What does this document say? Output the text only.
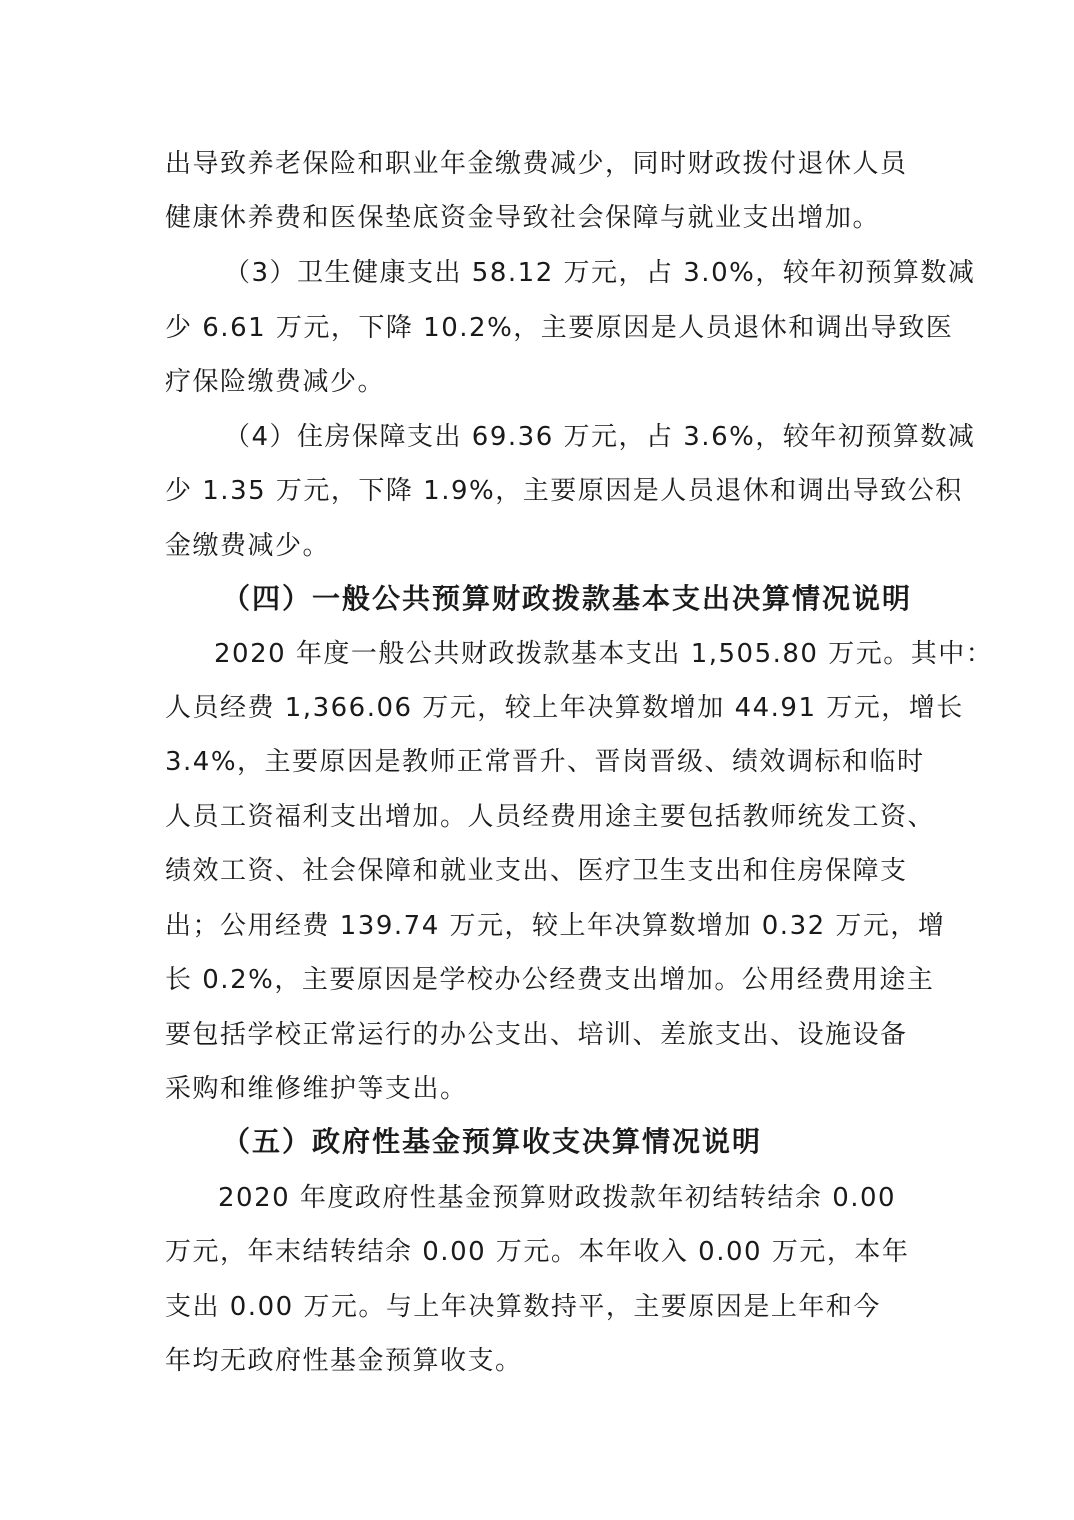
出导致养老保险和职业年金缴费减少，同时财政拨付退休人员
健康休养费和医保垫底资金导致社会保障与就业支出增加。
（3）卫生健康支出 58.12 万元，占 3.0%，较年初预算数减
少 6.61 万元，下降 10.2%，主要原因是人员退休和调出导致医
疗保险缴费减少。
（4）住房保障支出 69.36 万元，占 3.6%，较年初预算数减
少 1.35 万元，下降 1.9%，主要原因是人员退休和调出导致公积
金缴费减少。
（四）一般公共预算财政拨款基本支出决算情况说明
2020 年度一般公共财政拨款基本支出 1,505.80 万元。其中：
人员经费 1,366.06 万元，较上年决算数增加 44.91 万元，增长
3.4%，主要原因是教师正常晋升、晋岗晋级、绩效调标和临时
人员工资福利支出增加。人员经费用途主要包括教师统发工资、
绩效工资、社会保障和就业支出、医疗卫生支出和住房保障支
出；公用经费 139.74 万元，较上年决算数增加 0.32 万元，增
长 0.2%，主要原因是学校办公经费支出增加。公用经费用途主
要包括学校正常运行的办公支出、培训、差旅支出、设施设备
采购和维修维护等支出。
（五）政府性基金预算收支决算情况说明
2020 年度政府性基金预算财政拨款年初结转结余 0.00
万元，年末结转结余 0.00 万元。本年收入 0.00 万元，本年
支出 0.00 万元。与上年决算数持平，主要原因是上年和今
年均无政府性基金预算收支。
